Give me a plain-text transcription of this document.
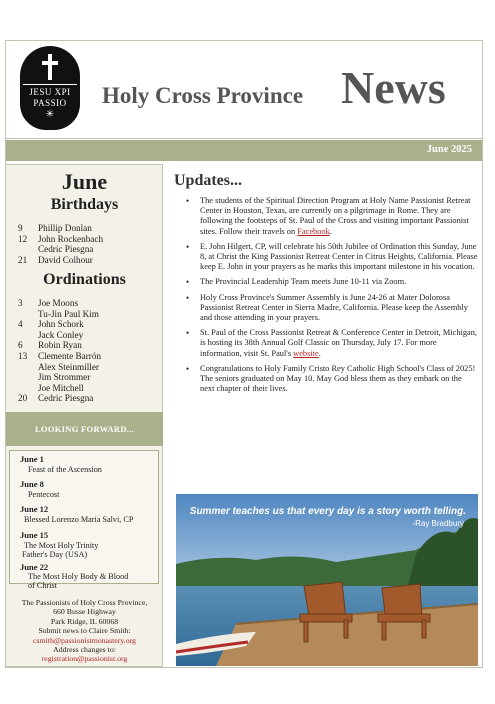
JESU XPI
PASSIO
✳
Holy Cross Province News
June 2025
June
Birthdays
9	Phillip Donlan
12	John Rockenbach
Cedric Piesgna
21	David Colhour
Ordinations
3	Joe Moons
Tu-Jin Paul Kim
4	John Schork
Jack Conley
6	Robin Ryan
13	Clemente Barrón
Alex Steinmiller
Jim Strommer
Joe Mitchell
20	Cedric Piesgna
LOOKING FORWARD...
June 1
Feast of the Ascension
June 8
Pentecost
June 12
Blessed Lorenzo Maria Salvi, CP
June 15
The Most Holy Trinity
Father's Day (USA)
June 22
The Most Holy Body & Blood
of Christ
The Passionists of Holy Cross Province,
660 Busse Highway
Park Ridge, IL 60068
Submit news to Claire Smith:
csmith@passionistmonastery.org
Address changes to:
registration@passionist.org
Updates...
• The students of the Spiritual Direction Program at Holy Name Passionist Retreat Center in Houston, Texas, are currently on a pilgrimage in Rome. They are following the footsteps of St. Paul of the Cross and visiting important Passionist sites. Follow their travels on Facebook.
• E. John Hilgert, CP, will celebrate his 50th Jubilee of Ordination this Sunday, June 8, at Christ the King Passionist Retreat Center in Citrus Heights, California. Please keep E. John in your prayers as he marks this important milestone in his vocation.
• The Provincial Leadership Team meets June 10-11 via Zoom.
• Holy Cross Province's Summer Assembly is June 24-26 at Mater Dolorosa Passionist Retreat Center in Sierra Madre, California. Please keep the Assembly and those attending in your prayers.
• St. Paul of the Cross Passionist Retreat & Conference Center in Detroit, Michigan, is hosting its 38th Annual Golf Classic on Thursday, July 17. For more information, visit St. Paul's website.
• Congratulations to Holy Family Cristo Rey Catholic High School's Class of 2025! The seniors graduated on May 10. May God bless them as they embark on the next chapter of their lives.
Summer teaches us that every day is a story worth telling.
-Ray Bradbury
